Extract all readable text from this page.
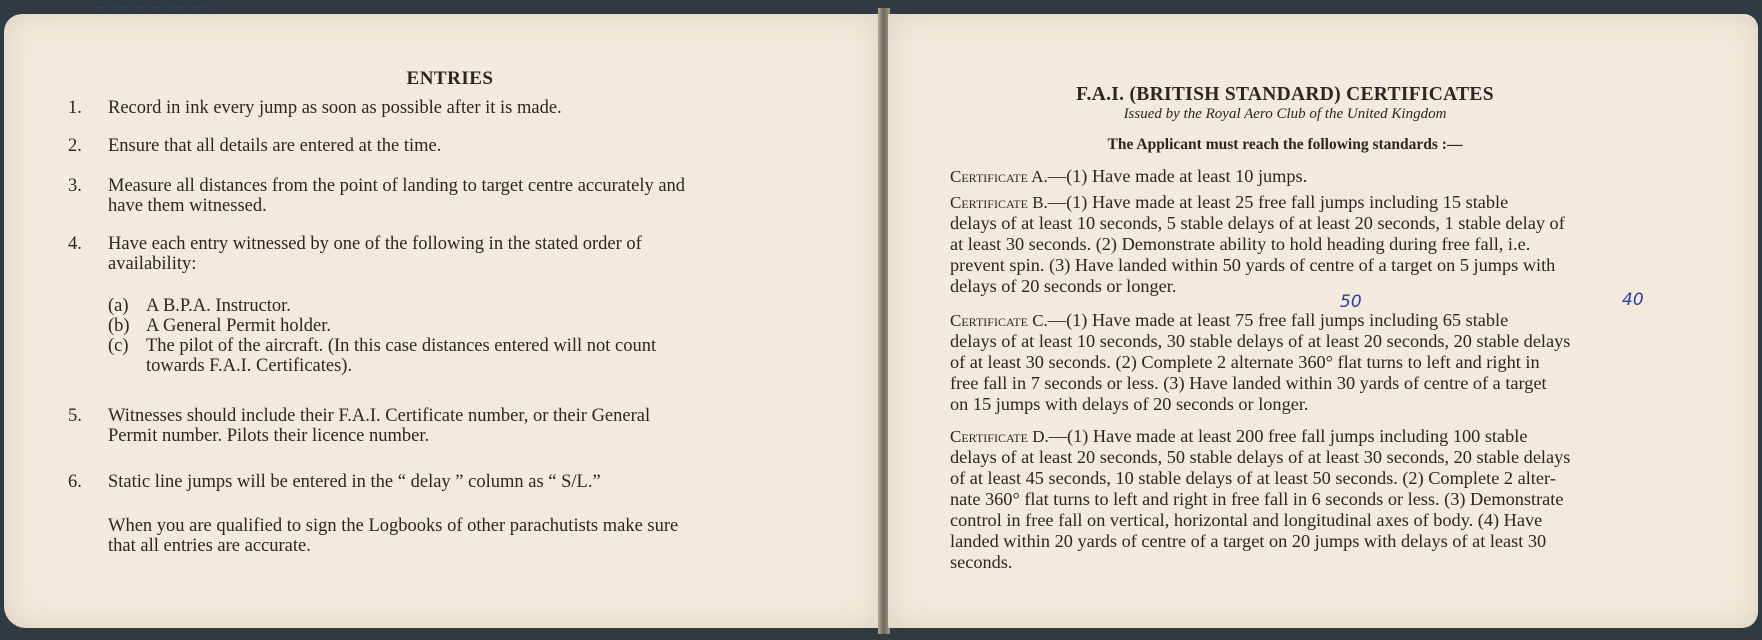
~~~~ ~~~~~
ENTRIES
1. Record in ink every jump as soon as possible after it is made.
2. Ensure that all details are entered at the time.
3. Measure all distances from the point of landing to target centre accurately and
have them witnessed.
4. Have each entry witnessed by one of the following in the stated order of
availability:
(a) A B.P.A. Instructor.
(b) A General Permit holder.
(c) The pilot of the aircraft. (In this case distances entered will not count
towards F.A.I. Certificates).
5. Witnesses should include their F.A.I. Certificate number, or their General
Permit number. Pilots their licence number.
6. Static line jumps will be entered in the “ delay ” column as “ S/L.”
When you are qualified to sign the Logbooks of other parachutists make sure
that all entries are accurate.
F.A.I. (BRITISH STANDARD) CERTIFICATES
Issued by the Royal Aero Club of the United Kingdom
The Applicant must reach the following standards :—
Certificate A.—(1) Have made at least 10 jumps.
Certificate B.—(1) Have made at least 25 free fall jumps including 15 stable
delays of at least 10 seconds, 5 stable delays of at least 20 seconds, 1 stable delay of
at least 30 seconds. (2) Demonstrate ability to hold heading during free fall, i.e.
prevent spin. (3) Have landed within 50 yards of centre of a target on 5 jumps with
delays of 20 seconds or longer.
Certificate C.—(1) Have made at least 75 free fall jumps including 65 stable
delays of at least 10 seconds, 30 stable delays of at least 20 seconds, 20 stable delays
of at least 30 seconds. (2) Complete 2 alternate 360° flat turns to left and right in
free fall in 7 seconds or less. (3) Have landed within 30 yards of centre of a target
on 15 jumps with delays of 20 seconds or longer.
50	40
Certificate D.—(1) Have made at least 200 free fall jumps including 100 stable
delays of at least 20 seconds, 50 stable delays of at least 30 seconds, 20 stable delays
of at least 45 seconds, 10 stable delays of at least 50 seconds. (2) Complete 2 alter-
nate 360° flat turns to left and right in free fall in 6 seconds or less. (3) Demonstrate
control in free fall on vertical, horizontal and longitudinal axes of body. (4) Have
landed within 20 yards of centre of a target on 20 jumps with delays of at least 30
seconds.
